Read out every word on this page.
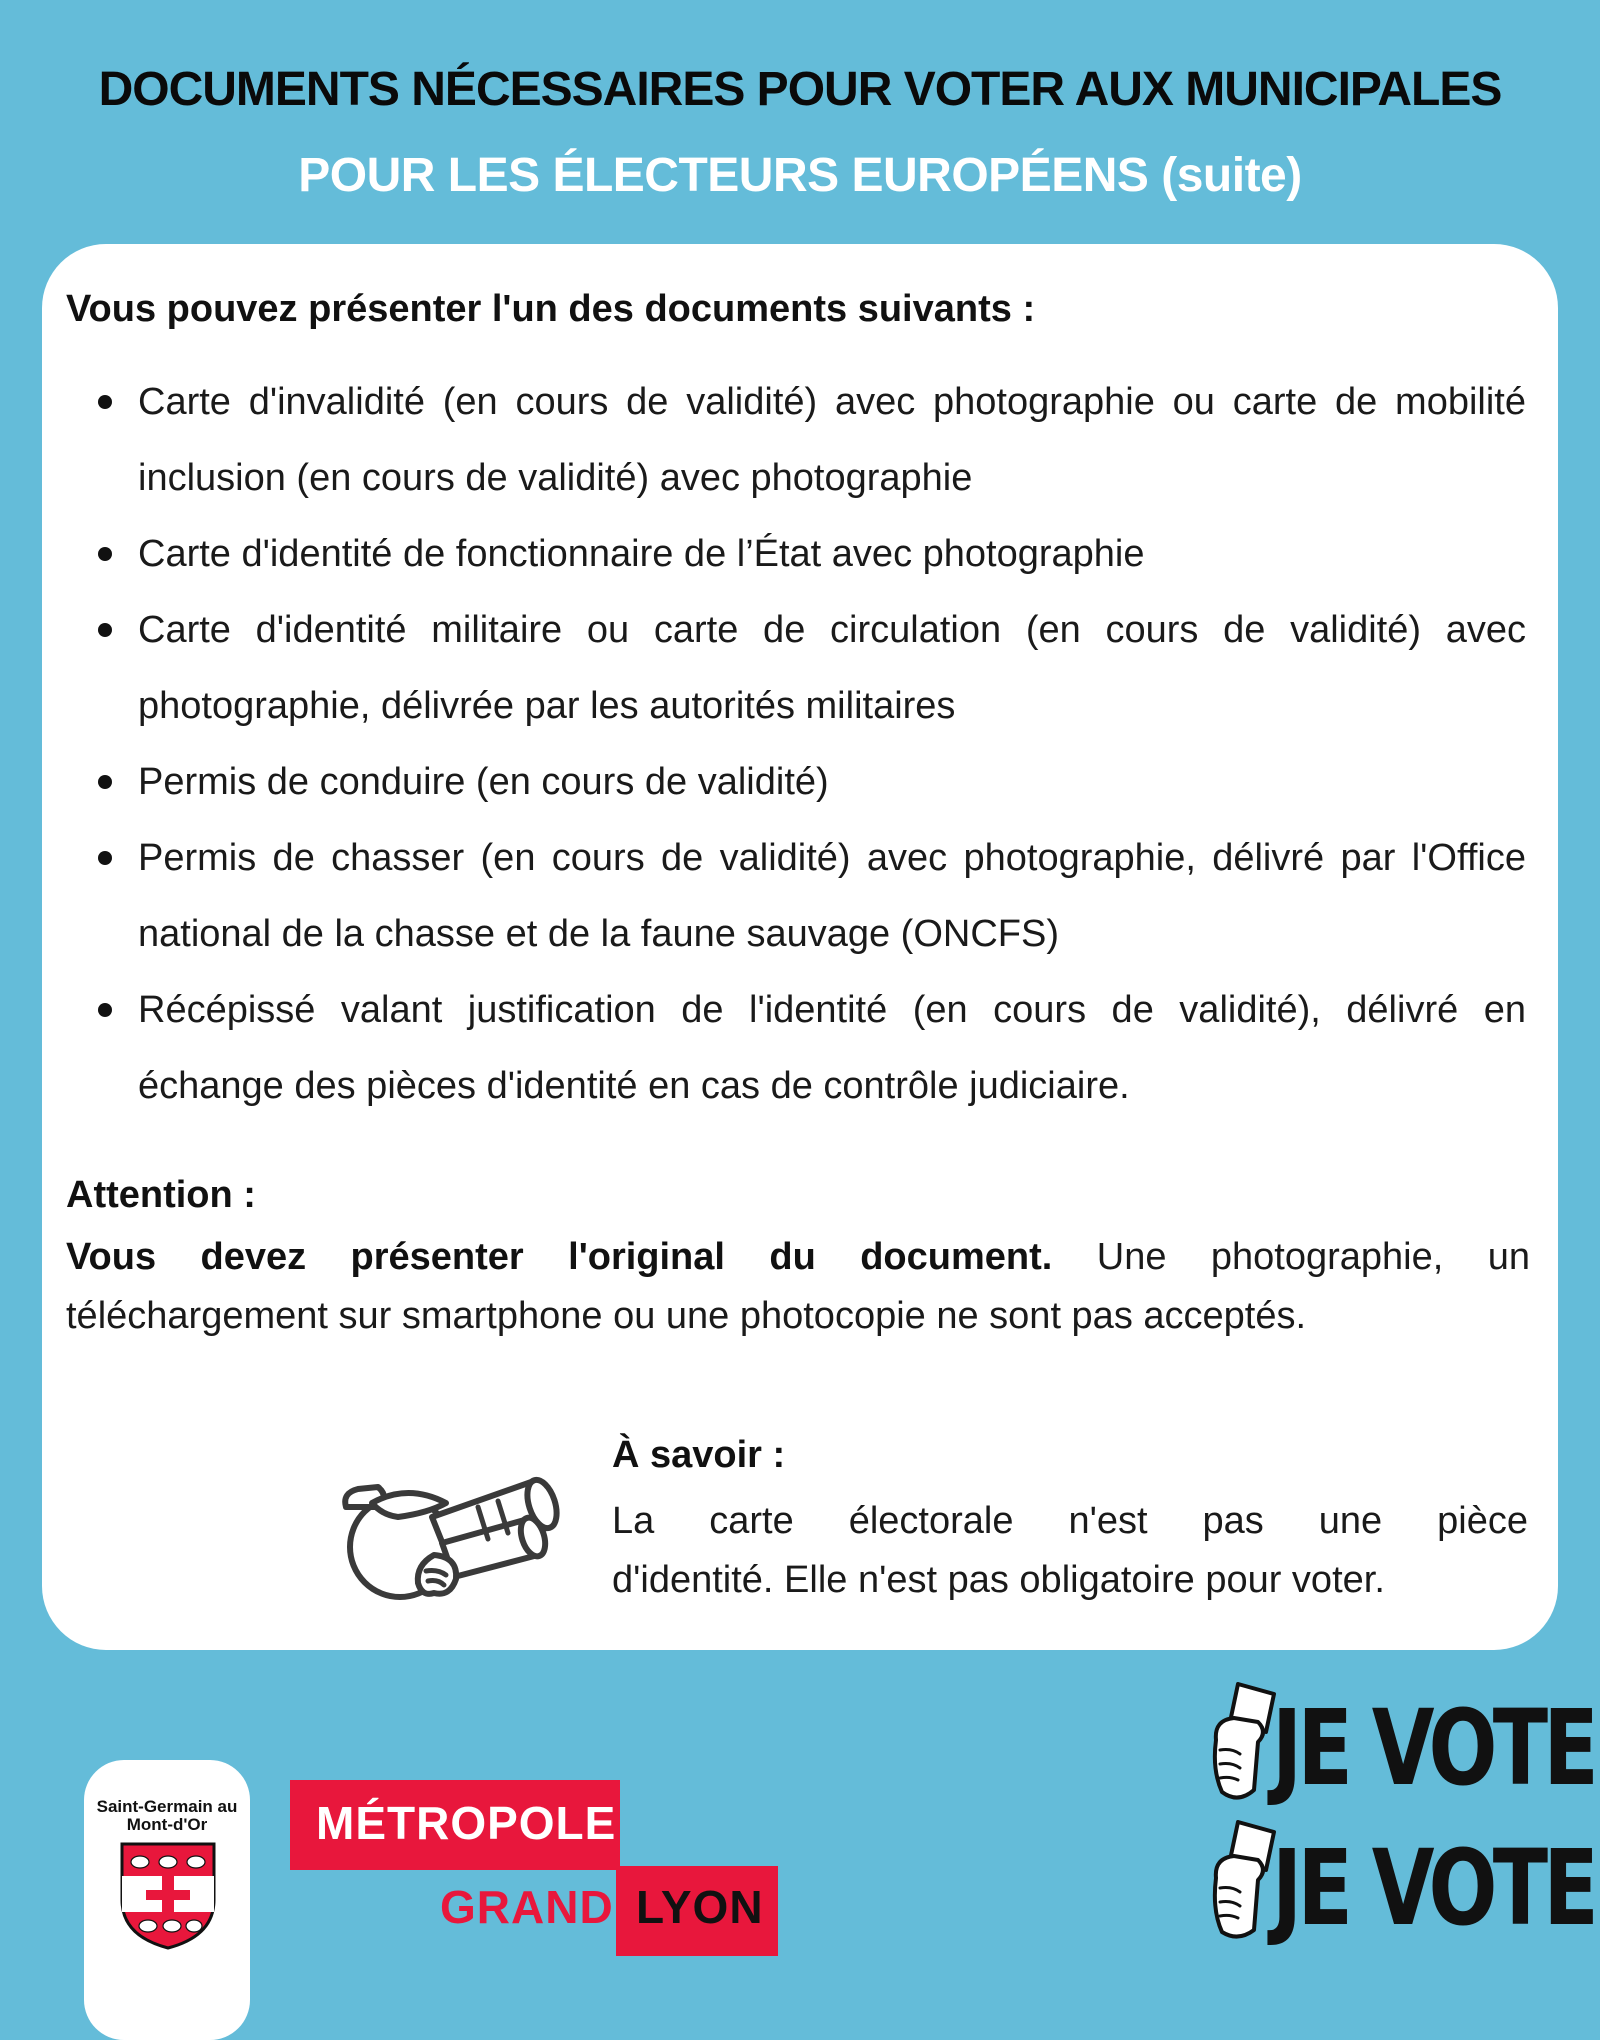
DOCUMENTS NÉCESSAIRES POUR VOTER AUX MUNICIPALES
POUR LES ÉLECTEURS EUROPÉENS (suite)
Vous pouvez présenter l'un des documents suivants :
Carte d'invalidité (en cours de validité) avec photographie ou carte de mobilité inclusion (en cours de validité) avec photographie
Carte d'identité de fonctionnaire de l’État avec photographie
Carte d'identité militaire ou carte de circulation (en cours de validité) avec photographie, délivrée par les autorités militaires
Permis de conduire (en cours de validité)
Permis de chasser (en cours de validité) avec photographie, délivré par l'Office national de la chasse et de la faune sauvage (ONCFS)
Récépissé valant justification de l'identité (en cours de validité), délivré en échange des pièces d'identité en cas de contrôle judiciaire.
Attention :
Vous devez présenter l'original du document. Une photographie, un téléchargement sur smartphone ou une photocopie ne sont pas acceptés.
À savoir :
La carte électorale n'est pas une pièce
d'identité. Elle n'est pas obligatoire pour voter.
Saint-Germain au Mont-d'Or	MÉTROPOLE
GRAND LYON
JE VOTE
JE VOTE
